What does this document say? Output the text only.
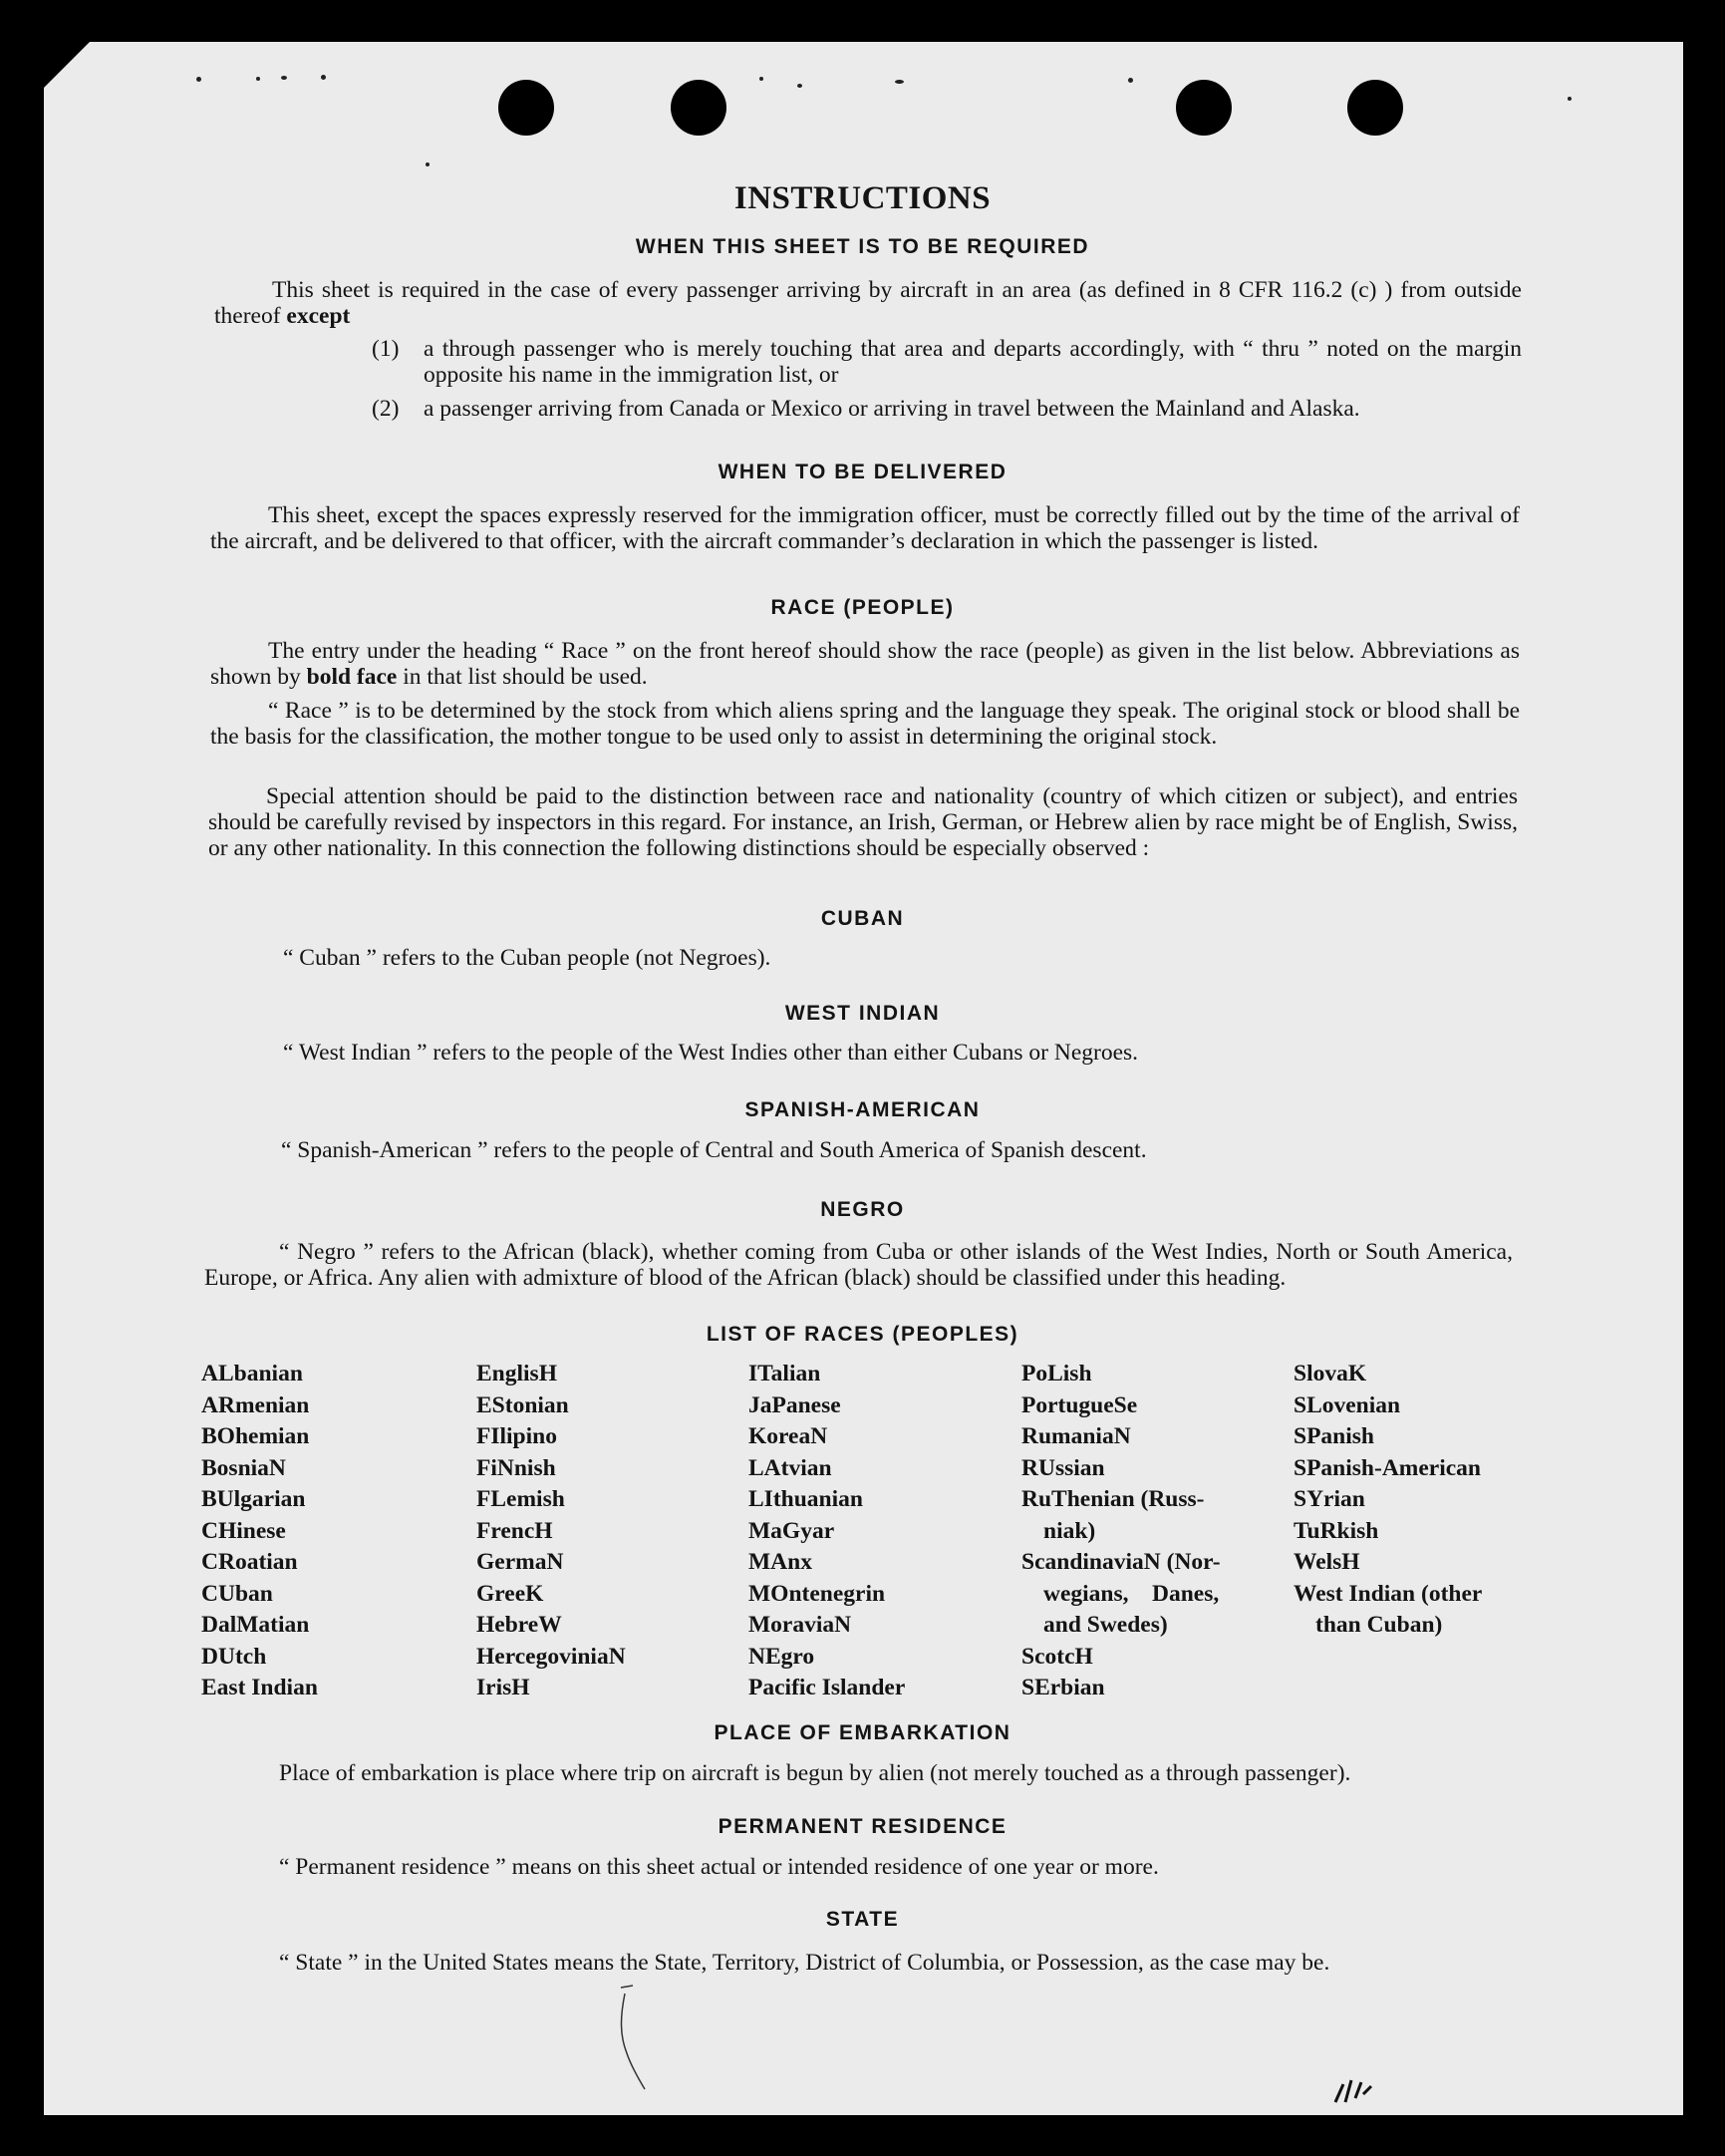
INSTRUCTIONS
WHEN THIS SHEET IS TO BE REQUIRED
This sheet is required in the case of every passenger arriving by aircraft in an area (as defined in 8 CFR 116.2 (c) ) from outside thereof except
(1) a through passenger who is merely touching that area and departs accordingly, with “ thru ” noted on the margin opposite his name in the immigration list, or
(2) a passenger arriving from Canada or Mexico or arriving in travel between the Mainland and Alaska.
WHEN TO BE DELIVERED
This sheet, except the spaces expressly reserved for the immigration officer, must be correctly filled out by the time of the arrival of the aircraft, and be delivered to that officer, with the aircraft commander’s declaration in which the passenger is listed.
RACE (PEOPLE)
The entry under the heading “ Race ” on the front hereof should show the race (people) as given in the list below. Abbreviations as shown by bold face in that list should be used.
“ Race ” is to be determined by the stock from which aliens spring and the language they speak. The original stock or blood shall be the basis for the classification, the mother tongue to be used only to assist in determining the original stock.
Special attention should be paid to the distinction between race and nationality (country of which citizen or subject), and entries should be carefully revised by inspectors in this regard. For instance, an Irish, German, or Hebrew alien by race might be of English, Swiss, or any other nationality. In this connection the following distinctions should be especially observed :
CUBAN
“ Cuban ” refers to the Cuban people (not Negroes).
WEST INDIAN
“ West Indian ” refers to the people of the West Indies other than either Cubans or Negroes.
SPANISH-AMERICAN
“ Spanish-American ” refers to the people of Central and South America of Spanish descent.
NEGRO
“ Negro ” refers to the African (black), whether coming from Cuba or other islands of the West Indies, North or South America, Europe, or Africa. Any alien with admixture of blood of the African (black) should be classified under this heading.
LIST OF RACES (PEOPLES)
ALbanian
ARmenian
BOhemian
BosniaN
BUlgarian
CHinese
CRoatian
CUban
DalMatian
DUtch
East Indian
EnglisH
EStonian
FIlipino
FiNnish
FLemish
FrencH
GermaN
GreeK
HebreW
HercegoviniaN
IrisH
ITalian
JaPanese
KoreaN
LAtvian
LIthuanian
MaGyar
MAnx
MOntenegrin
MoraviaN
NEgro
Pacific Islander
PoLish
PortugueSe
RumaniaN
RUssian
RuThenian (Russ-
niak)
ScandinaviaN (Nor-
wegians,    Danes,
and Swedes)
ScotcH
SErbian
SlovaK
SLovenian
SPanish
SPanish-American
SYrian
TuRkish
WelsH
West Indian (other
than Cuban)
PLACE OF EMBARKATION
Place of embarkation is place where trip on aircraft is begun by alien (not merely touched as a through passenger).
PERMANENT RESIDENCE
“ Permanent residence ” means on this sheet actual or intended residence of one year or more.
STATE
“ State ” in the United States means the State, Territory, District of Columbia, or Possession, as the case may be.
